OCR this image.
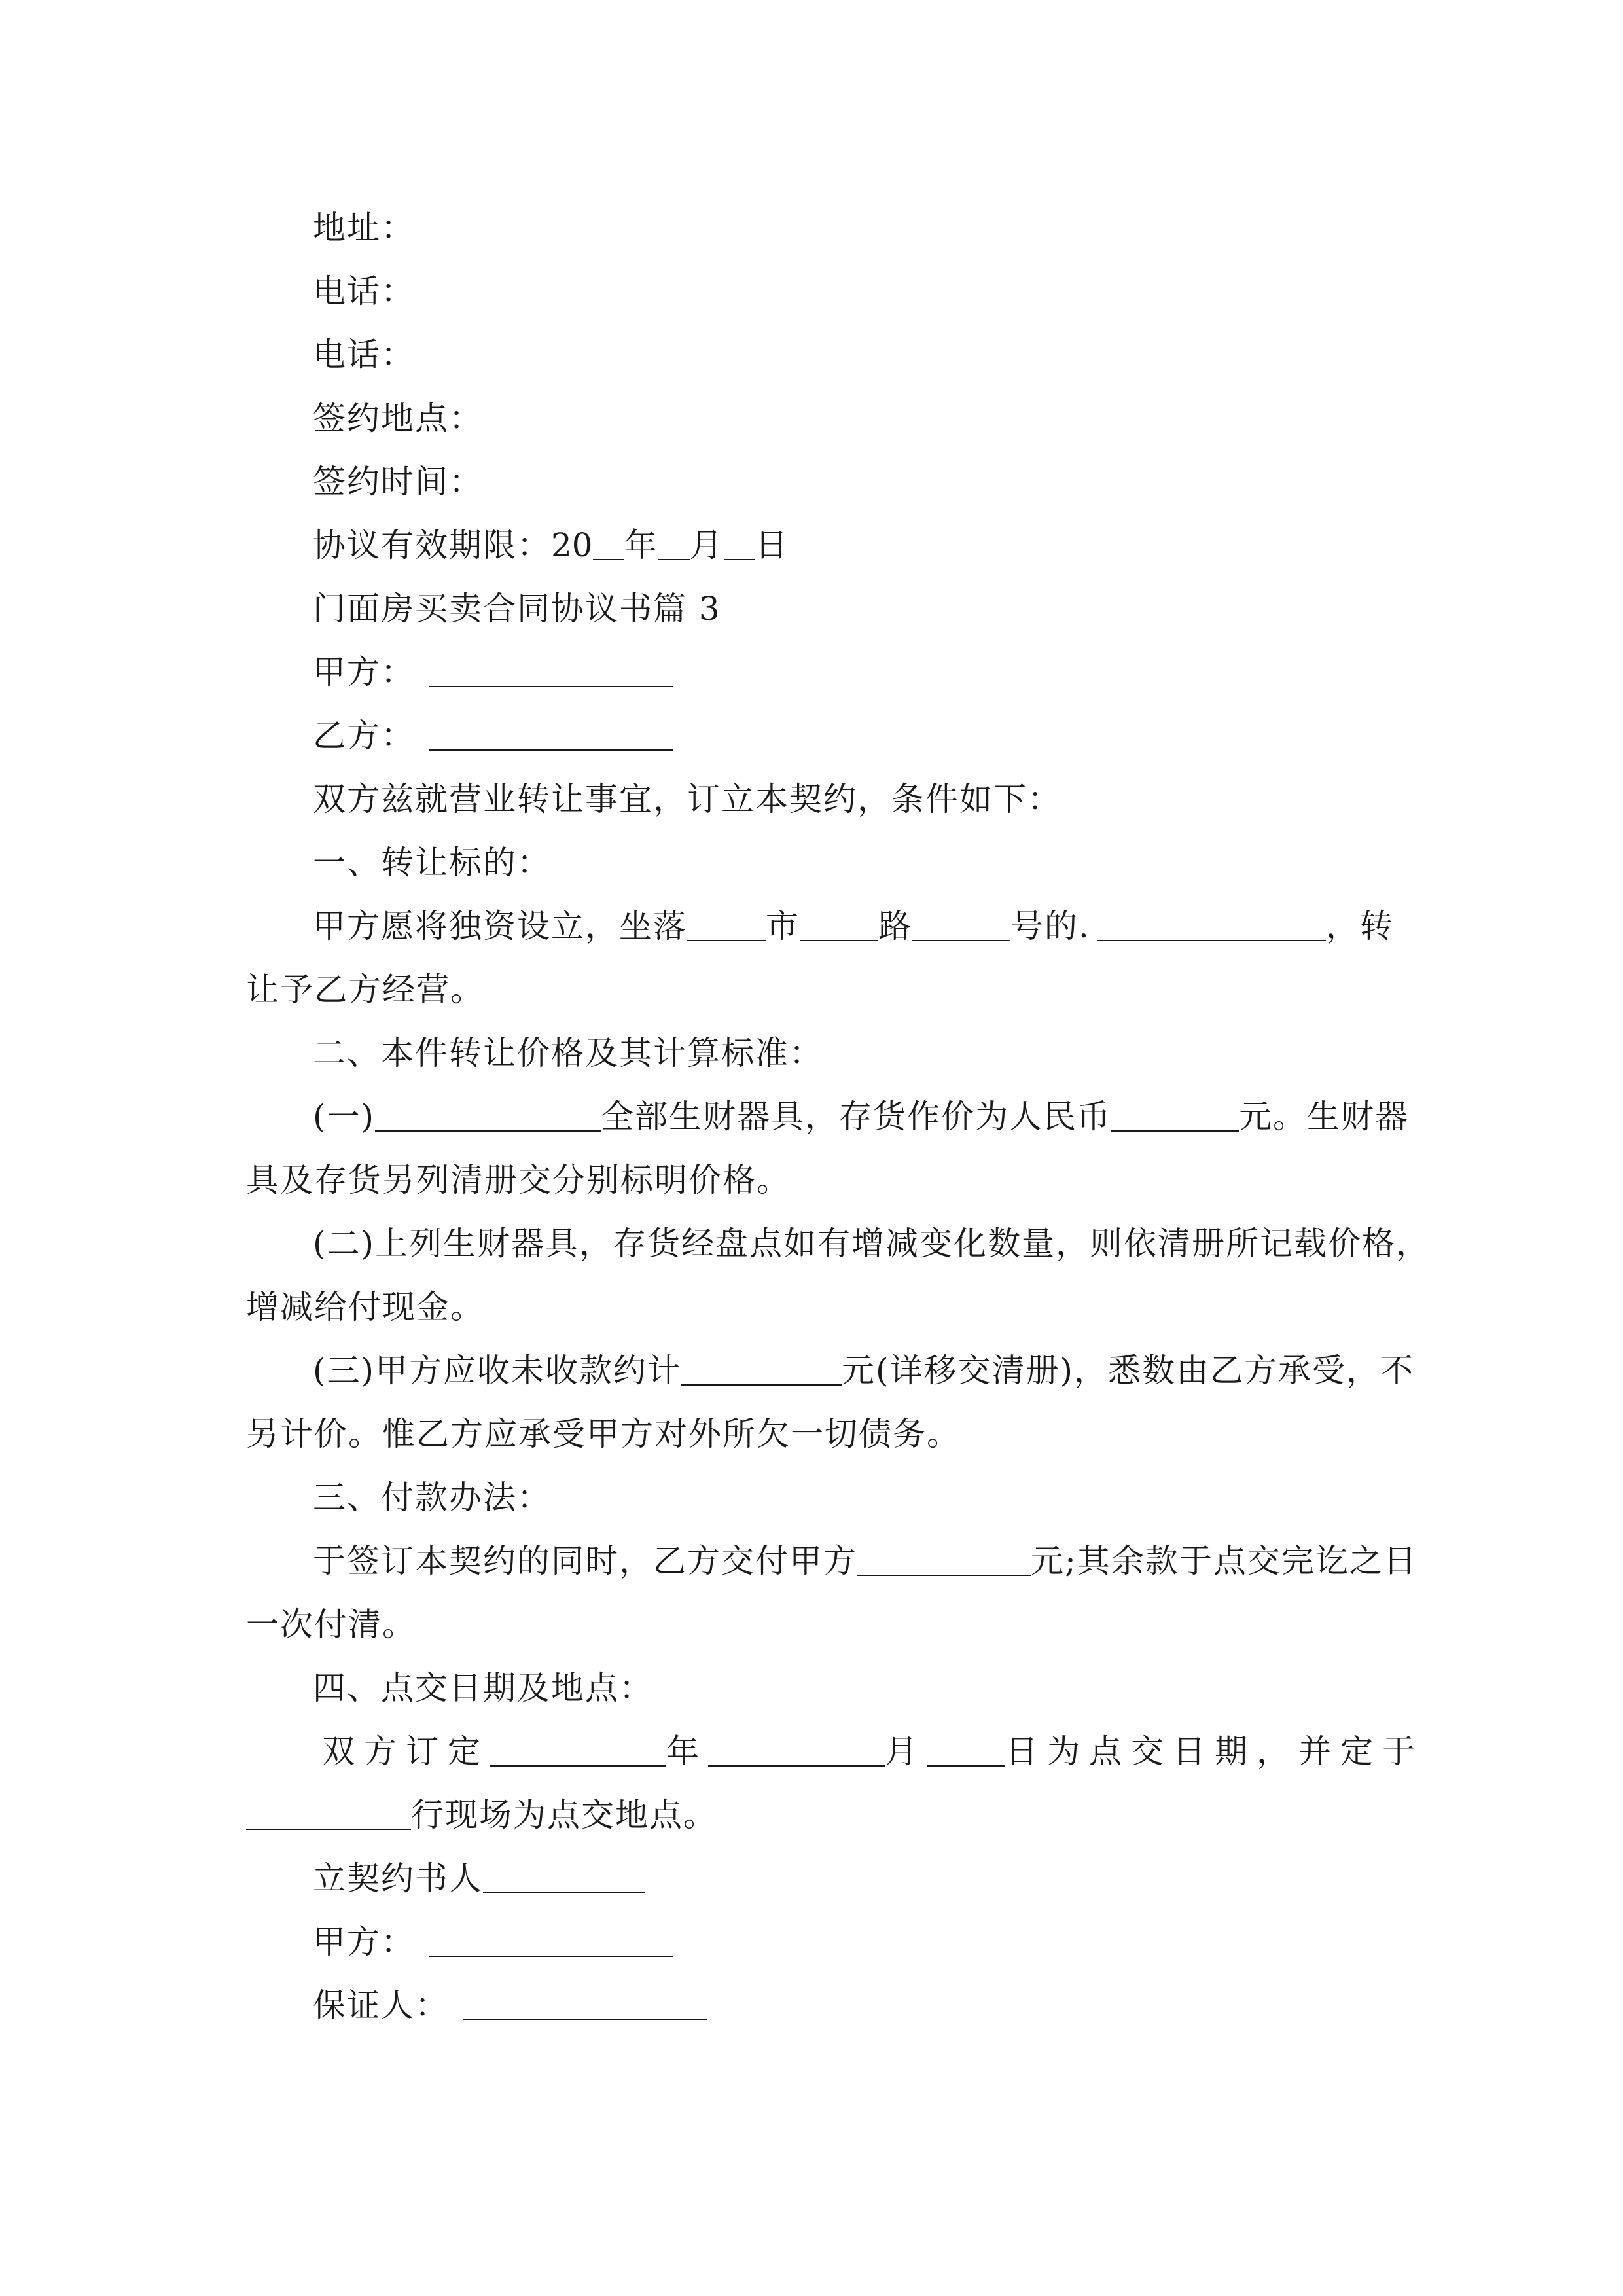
地址：
电话：
电话：
签约地点：
签约时间：
协议有效期限：20 年 月 日
门面房买卖合同协议书篇 3
甲方：
乙方：
双方兹就营业转让事宜，订立本契约，条件如下：
一、转让标的：
甲方愿将独资设立，坐落 市 路	号的.	，转
让予乙方经营。
二、本件转让价格及其计算标准：
(一)	全部生财器具，存货作价为人民币	元。生财器
具及存货另列清册交分别标明价格。
(二)上列生财器具，存货经盘点如有增减变化数量，则依清册所记载价格，
增减给付现金。
(三)甲方应收未收款约计	元(详移交清册)，悉数由乙方承受，不
另计价。惟乙方应承受甲方对外所欠一切债务。
三、付款办法：
于签订本契约的同时，乙方交付甲方	元;其余款于点交完讫之日
一次付清。
四、点交日期及地点：
双方订定	年	月 日为点交日期，并定于
行现场为点交地点。
立契约书人
甲方：
保证人：
